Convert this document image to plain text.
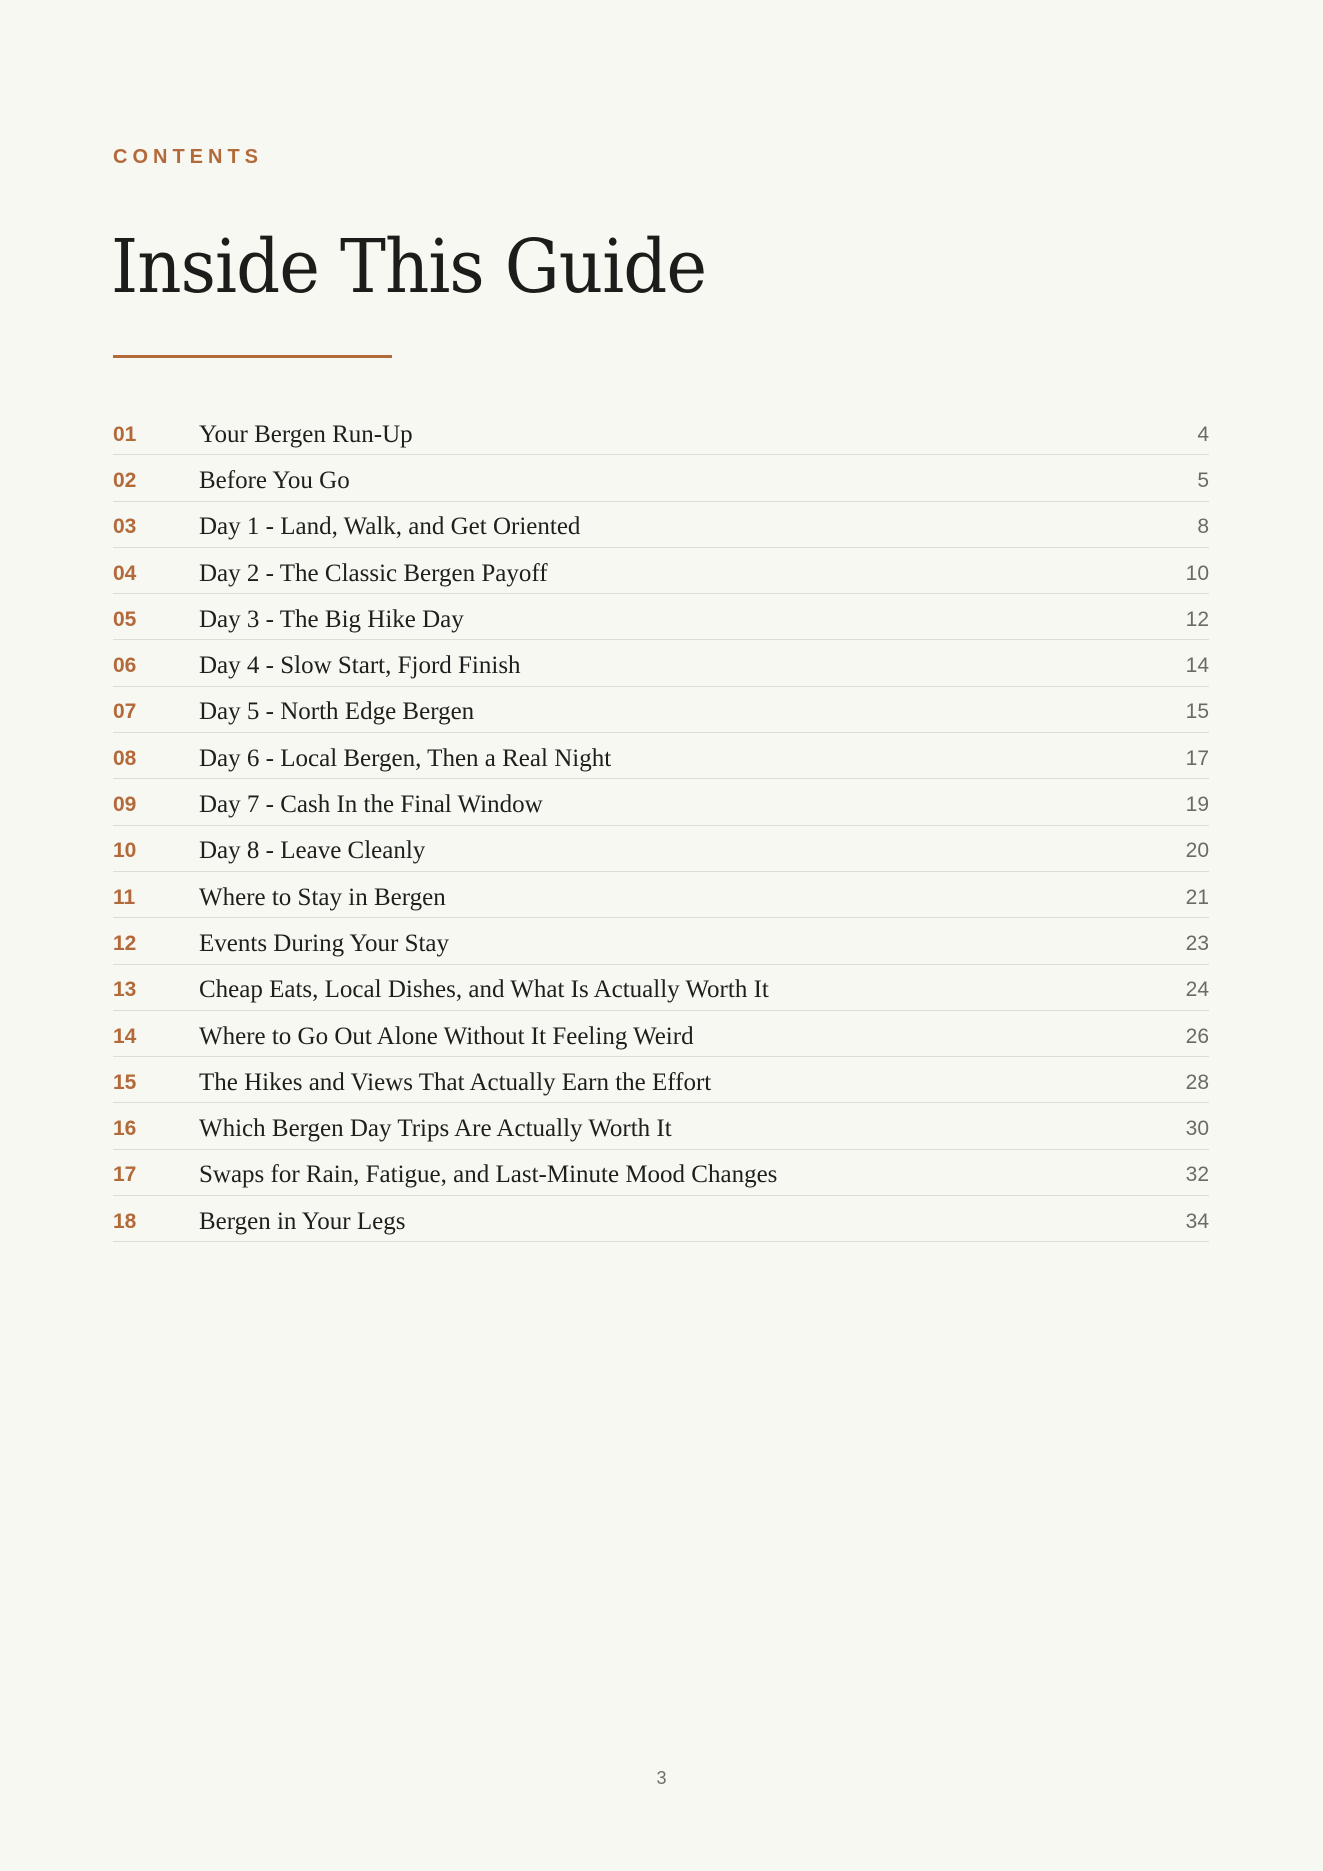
CONTENTS
Inside This Guide
01	Your Bergen Run-Up	4
02	Before You Go	5
03	Day 1 - Land, Walk, and Get Oriented	8
04	Day 2 - The Classic Bergen Payoff	10
05	Day 3 - The Big Hike Day	12
06	Day 4 - Slow Start, Fjord Finish	14
07	Day 5 - North Edge Bergen	15
08	Day 6 - Local Bergen, Then a Real Night	17
09	Day 7 - Cash In the Final Window	19
10	Day 8 - Leave Cleanly	20
11	Where to Stay in Bergen	21
12	Events During Your Stay	23
13	Cheap Eats, Local Dishes, and What Is Actually Worth It	24
14	Where to Go Out Alone Without It Feeling Weird	26
15	The Hikes and Views That Actually Earn the Effort	28
16	Which Bergen Day Trips Are Actually Worth It	30
17	Swaps for Rain, Fatigue, and Last-Minute Mood Changes	32
18	Bergen in Your Legs	34
3
